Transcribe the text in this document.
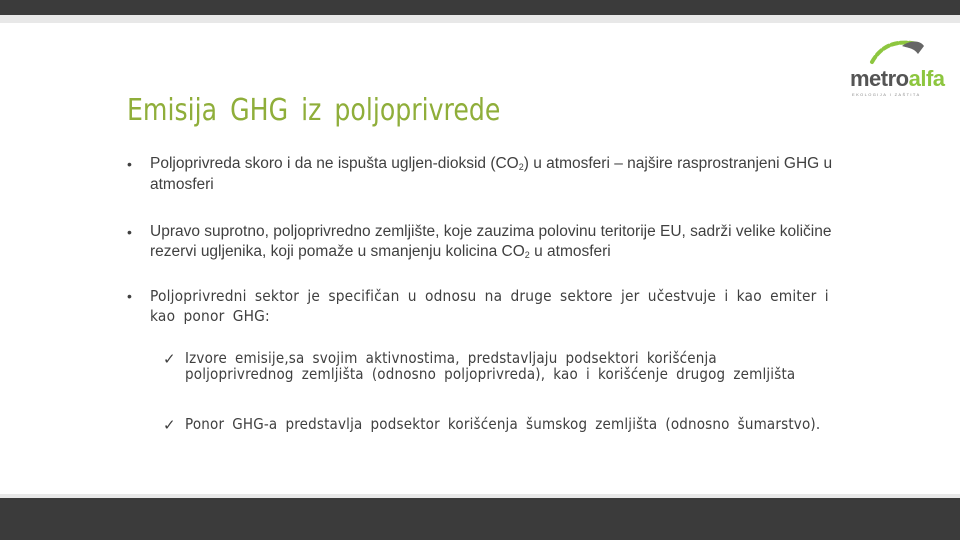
metroalfa
EKOLOGIJA I ZAŠTITA
Emisija GHG iz poljoprivrede
• Poljoprivreda skoro i da ne ispušta ugljen-dioksid $(CO_2)$ u atmosferi – najšire rasprostranjeni GHG u atmosferi
• Upravo suprotno, poljoprivredno zemljište, koje zauzima polovinu teritorije EU, sadrži velike količine rezervi ugljenika, koji pomaže u smanjenju kolicina $CO_2$ u atmosferi
• Poljoprivredni sektor je specifičan u odnosu na druge sektore jer učestvuje i kao emiter i kao ponor GHG:
✓ Izvore emisije,sa svojim aktivnostima, predstavljaju podsektori korišćenja poljoprivrednog zemljišta (odnosno poljoprivreda), kao i korišćenje drugog zemljišta
✓ Ponor GHG-a predstavlja podsektor korišćenja šumskog zemljišta (odnosno šumarstvo).
